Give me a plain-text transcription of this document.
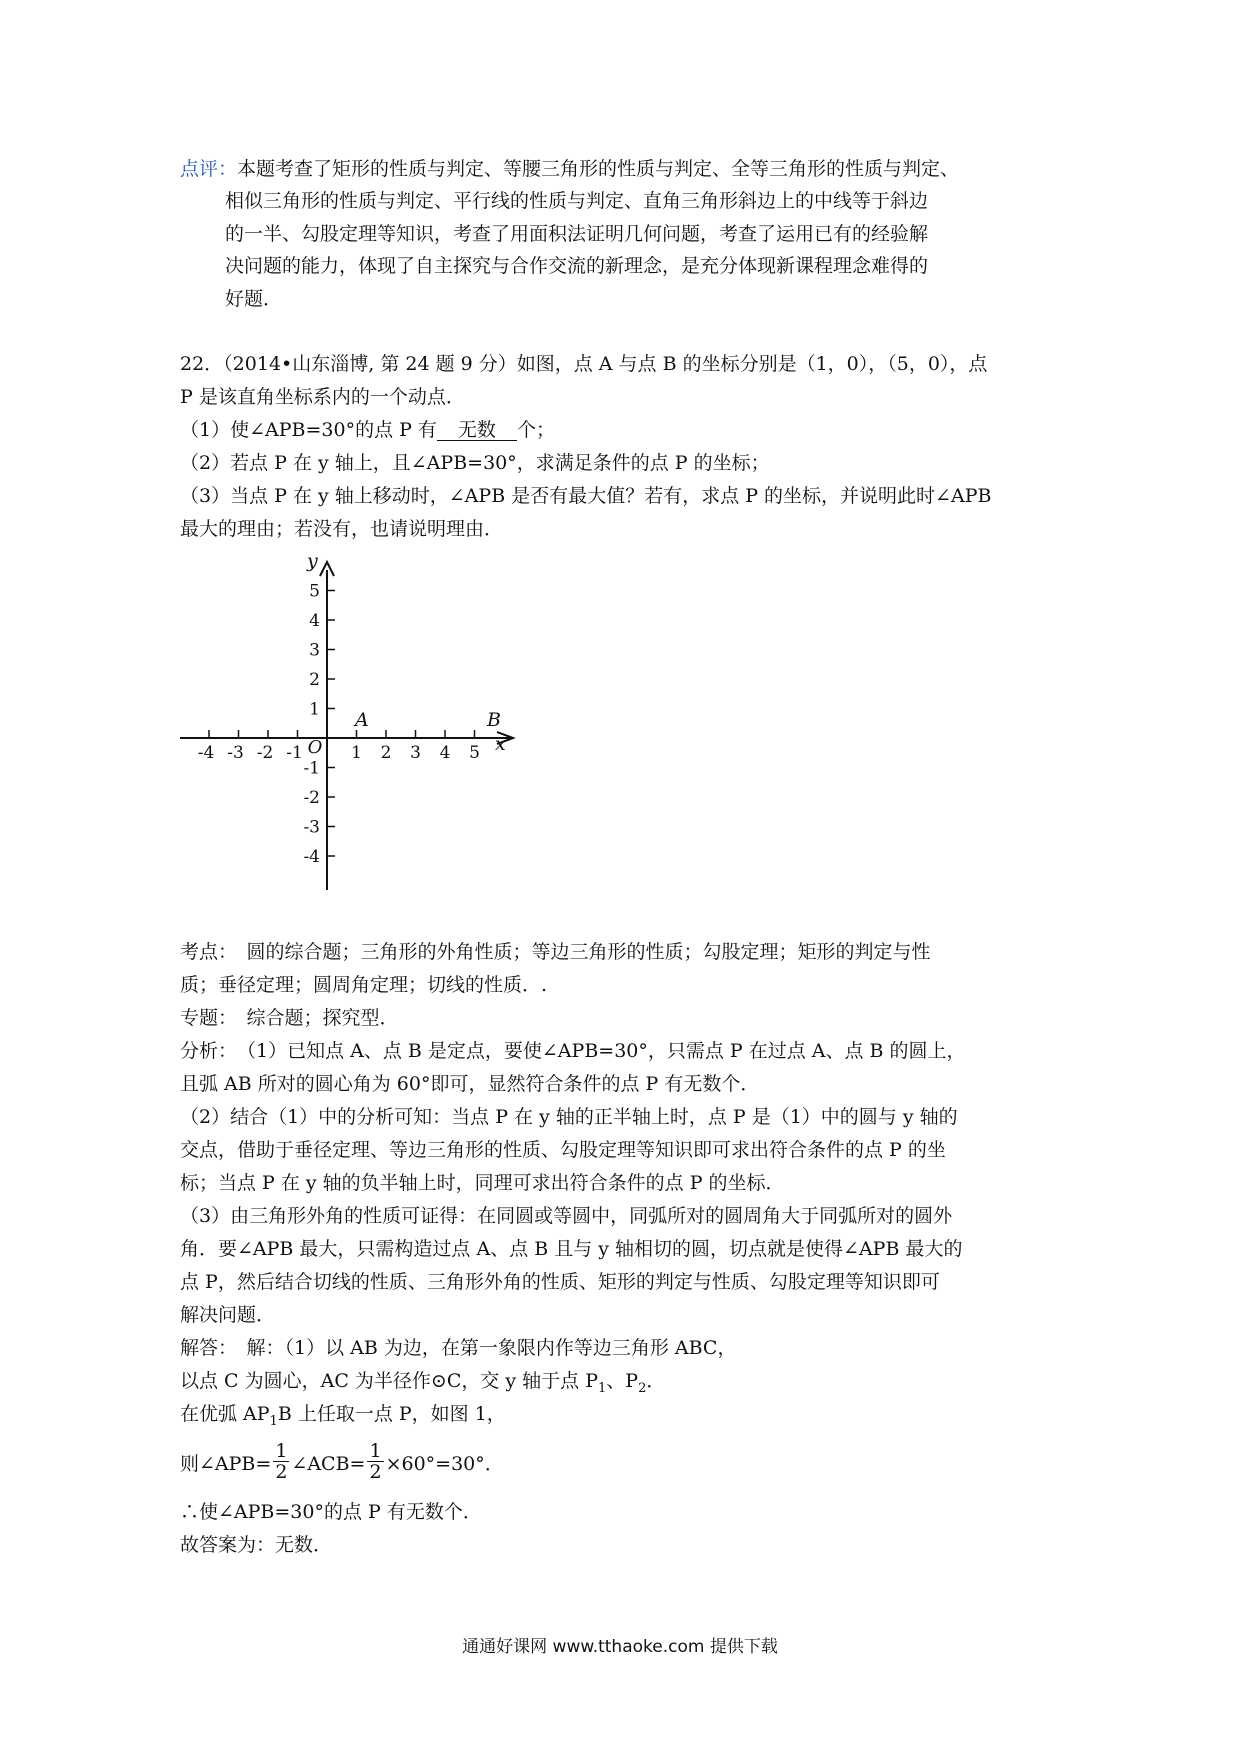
点评：本题考查了矩形的性质与判定、等腰三角形的性质与判定、全等三角形的性质与判定、
相似三角形的性质与判定、平行线的性质与判定、直角三角形斜边上的中线等于斜边
的一半、勾股定理等知识，考查了用面积法证明几何问题，考查了运用已有的经验解
决问题的能力，体现了自主探究与合作交流的新理念，是充分体现新课程理念难得的
好题．
22．（2014•山东淄博, 第 24 题 9 分）如图，点 A 与点 B 的坐标分别是（1，0），（5，0），点
P 是该直角坐标系内的一个动点．
（1）使∠APB=30°的点 P 有 无数 个；
（2）若点 P 在 y 轴上，且∠APB=30°，求满足条件的点 P 的坐标；
（3）当点 P 在 y 轴上移动时，∠APB 是否有最大值？若有，求点 P 的坐标，并说明此时∠APB
最大的理由；若没有，也请说明理由．
-4 -3 -2 -1	1 2 3 4 5
5
4
3
2
1
-1
-2
-3
-4
O	x
y
A	B
考点：　圆的综合题；三角形的外角性质；等边三角形的性质；勾股定理；矩形的判定与性
质；垂径定理；圆周角定理；切线的性质．.
专题：　综合题；探究型．
分析：　（1）已知点 A、点 B 是定点，要使∠APB=30°，只需点 P 在过点 A、点 B 的圆上，
且弧 AB 所对的圆心角为 60°即可，显然符合条件的点 P 有无数个．
（2）结合（1）中的分析可知：当点 P 在 y 轴的正半轴上时，点 P 是（1）中的圆与 y 轴的
交点，借助于垂径定理、等边三角形的性质、勾股定理等知识即可求出符合条件的点 P 的坐
标；当点 P 在 y 轴的负半轴上时，同理可求出符合条件的点 P 的坐标．
（3）由三角形外角的性质可证得：在同圆或等圆中，同弧所对的圆周角大于同弧所对的圆外
角．要∠APB 最大，只需构造过点 A、点 B 且与 y 轴相切的圆，切点就是使得∠APB 最大的
点 P，然后结合切线的性质、三角形外角的性质、矩形的判定与性质、勾股定理等知识即可
解决问题．
解答：　解：（1）以 AB 为边，在第一象限内作等边三角形 ABC，
以点 C 为圆心，AC 为半径作⊙C，交 y 轴于点 $P_1$、$P_2$．
在优弧 $AP_1B$ 上任取一点 P，如图 1，
则∠APB= $\frac{1}{2}$ ∠ACB= $\frac{1}{2} \times 60^\circ=30^\circ$．
∴使∠APB=30°的点 P 有无数个．
故答案为：无数．
通通好课网 www.tthaoke.com 提供下载
